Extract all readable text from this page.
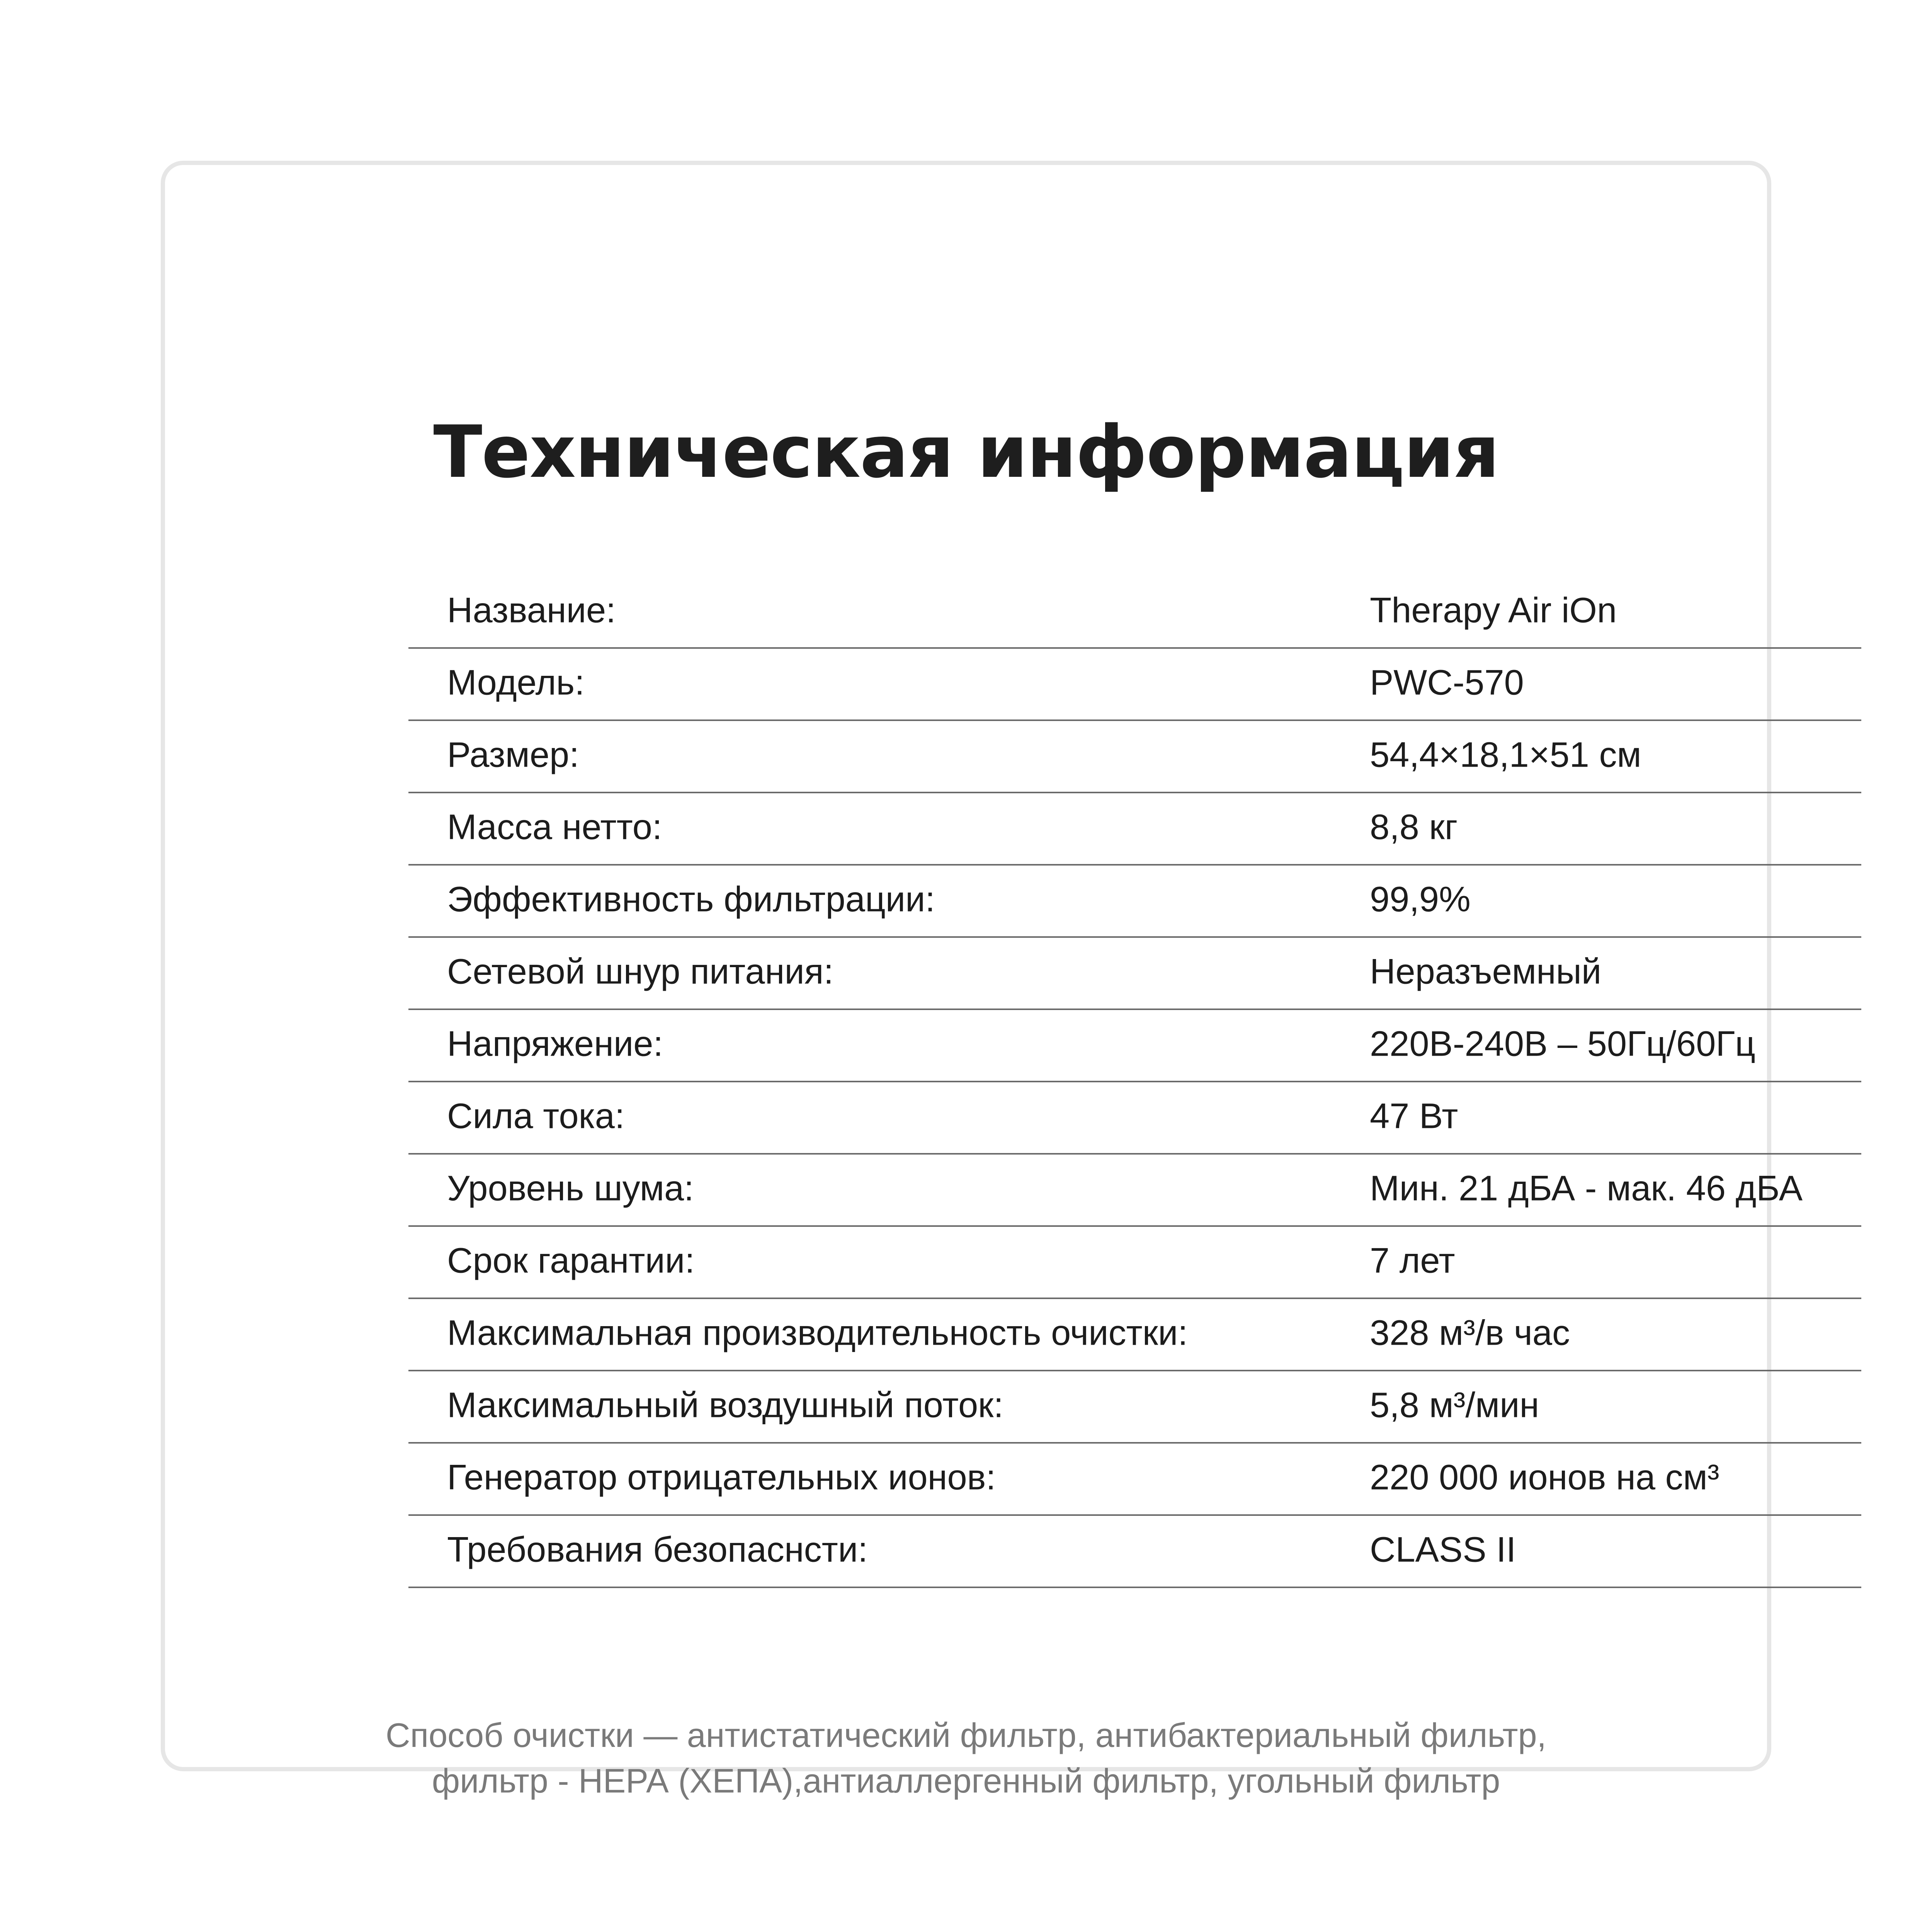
Техническая информация
Название:	Therapy Air iOn
Модель:	PWC-570
Размер:	54,4×18,1×51 см
Масса нетто:	8,8 кг
Эффективность фильтрации:	99,9%
Сетевой шнур питания:	Неразъемный
Напряжение:	220В-240В – 50Гц/60Гц
Сила тока:	47 Вт
Уровень шума:	Мин. 21 дБА - мак. 46 дБА
Срок гарантии:	7 лет
Максимальная производительность очистки:	328 м³/в час
Максимальный воздушный поток:	5,8 м³/мин
Генератор отрицательных ионов:	220 000 ионов на см³
Требования безопаснсти:	CLASS II

Способ очистки — антистатический фильтр, антибактериальный фильтр,

фильтр - НЕРА (ХЕПА),антиаллергенный фильтр, угольный фильтр
